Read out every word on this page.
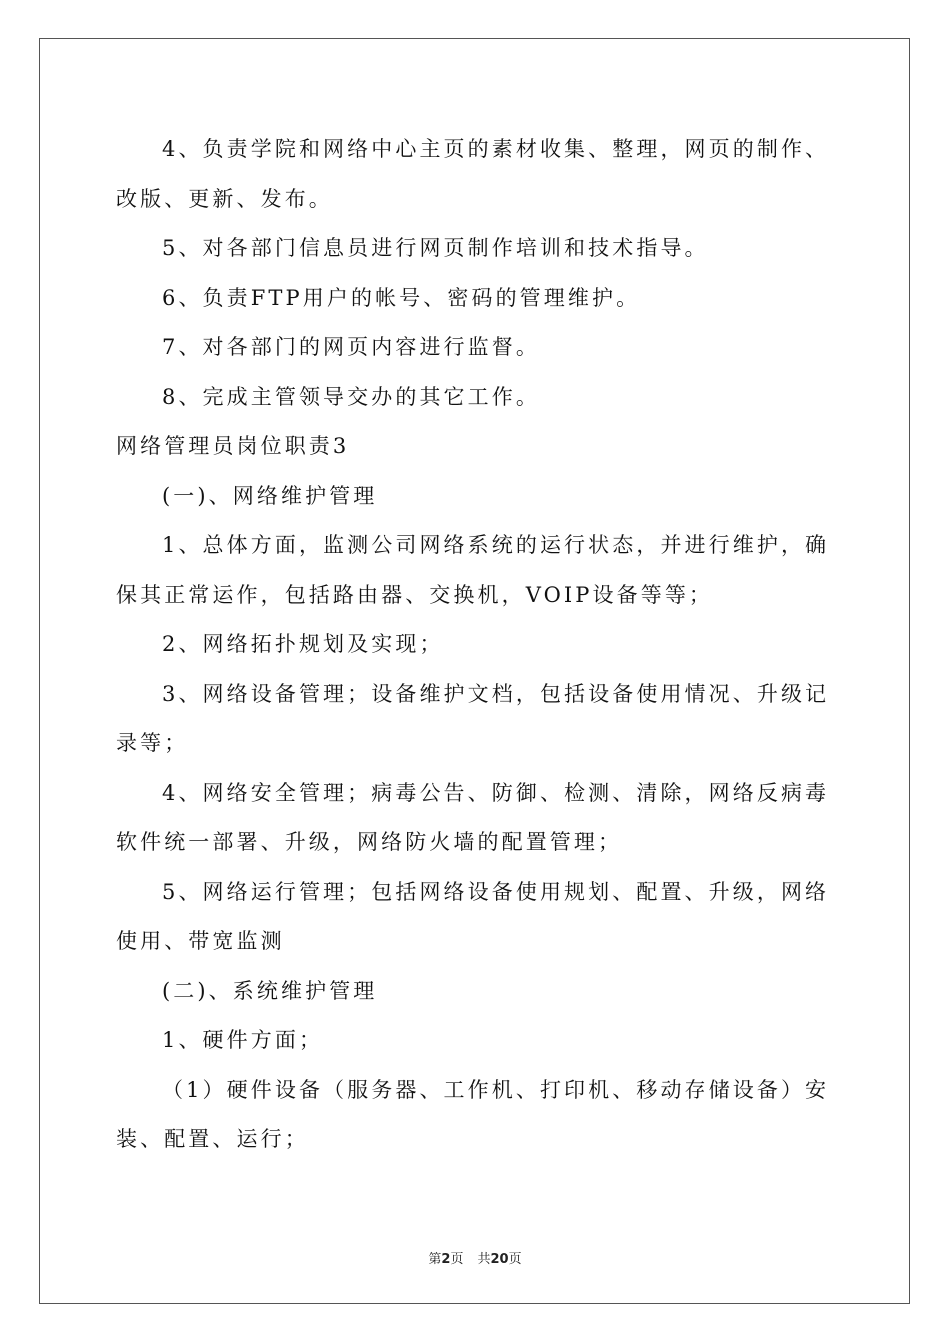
4、负责学院和网络中心主页的素材收集、整理，网页的制作、
改版、更新、发布。
5、对各部门信息员进行网页制作培训和技术指导。
6、负责FTP用户的帐号、密码的管理维护。
7、对各部门的网页内容进行监督。
8、完成主管领导交办的其它工作。
网络管理员岗位职责3
(一)、网络维护管理
1、总体方面，监测公司网络系统的运行状态，并进行维护，确
保其正常运作，包括路由器、交换机，VOIP设备等等；
2、网络拓扑规划及实现；
3、网络设备管理；设备维护文档，包括设备使用情况、升级记
录等；
4、网络安全管理；病毒公告、防御、检测、清除，网络反病毒
软件统一部署、升级，网络防火墙的配置管理；
5、网络运行管理；包括网络设备使用规划、配置、升级，网络
使用、带宽监测
(二)、系统维护管理
1、硬件方面；
（1）硬件设备（服务器、工作机、打印机、移动存储设备）安
装、配置、运行；
第2页 共20页
